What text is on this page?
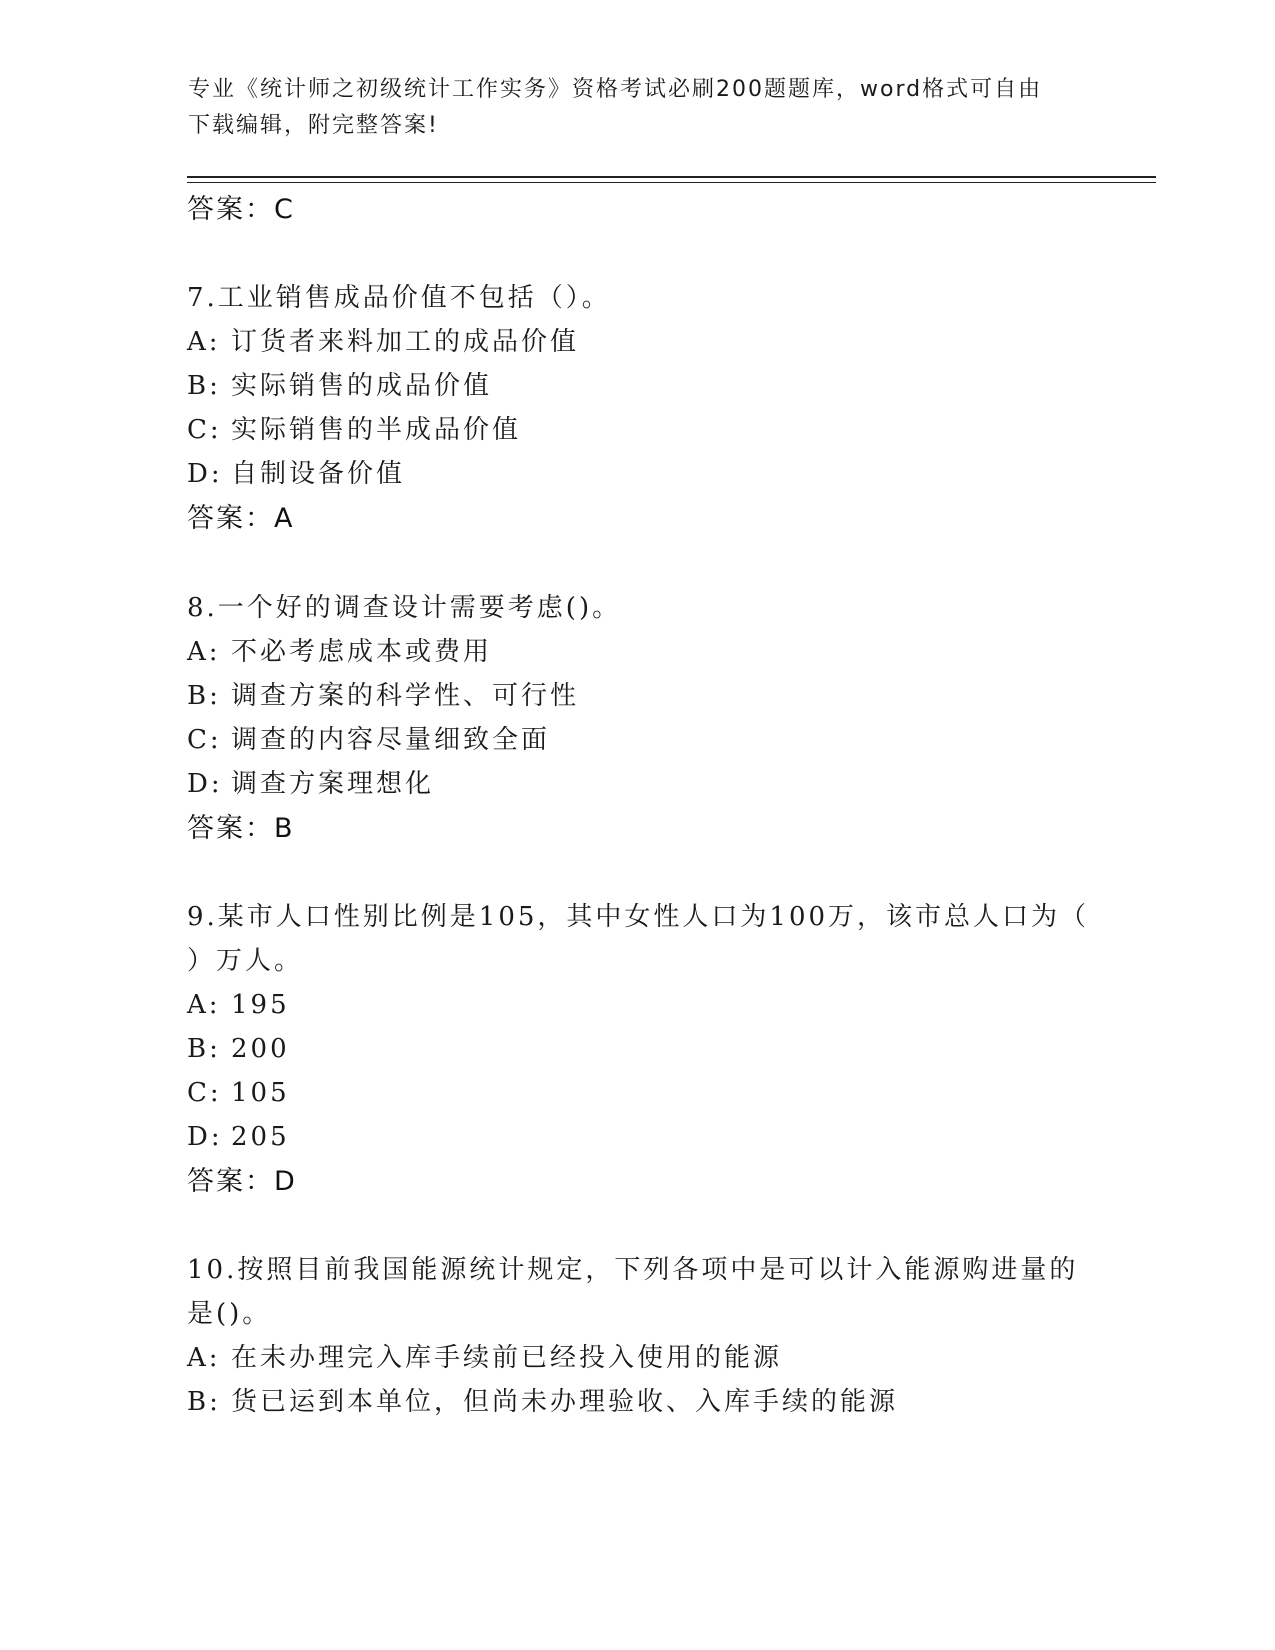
专业《统计师之初级统计工作实务》资格考试必刷200题题库，word格式可自由
下载编辑，附完整答案!
答案：C
7.工业销售成品价值不包括（）。
A: 订货者来料加工的成品价值
B: 实际销售的成品价值
C: 实际销售的半成品价值
D: 自制设备价值
答案：A
8.一个好的调查设计需要考虑()。
A: 不必考虑成本或费用
B: 调查方案的科学性、可行性
C: 调查的内容尽量细致全面
D: 调查方案理想化
答案：B
9.某市人口性别比例是105，其中女性人口为100万，该市总人口为（
）万人。
A: 195
B: 200
C: 105
D: 205
答案：D
10.按照目前我国能源统计规定，下列各项中是可以计入能源购进量的
是()。
A: 在未办理完入库手续前已经投入使用的能源
B: 货已运到本单位，但尚未办理验收、入库手续的能源
